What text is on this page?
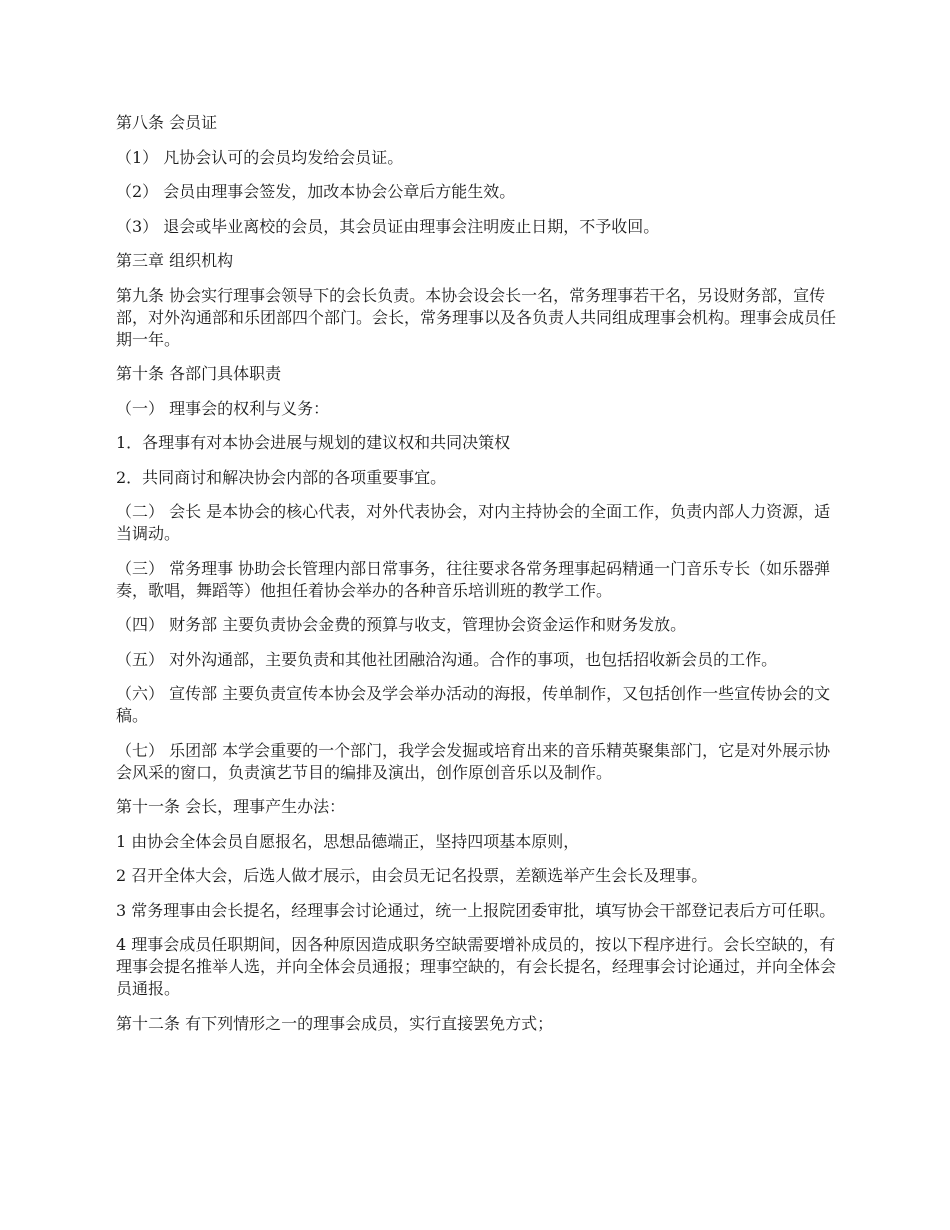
第八条 会员证

（1） 凡协会认可的会员均发给会员证。

（2） 会员由理事会签发，加改本协会公章后方能生效。

（3） 退会或毕业离校的会员，其会员证由理事会注明废止日期，不予收回。

第三章 组织机构

第九条 协会实行理事会领导下的会长负责。本协会设会长一名，常务理事若干名，另设财务部，宣传部，对外沟通部和乐团部四个部门。会长，常务理事以及各负责人共同组成理事会机构。理事会成员任期一年。

第十条 各部门具体职责

（一） 理事会的权利与义务：

1．各理事有对本协会进展与规划的建议权和共同决策权

2．共同商讨和解决协会内部的各项重要事宜。

（二） 会长 是本协会的核心代表，对外代表协会，对内主持协会的全面工作，负责内部人力资源，适当调动。

（三） 常务理事 协助会长管理内部日常事务，往往要求各常务理事起码精通一门音乐专长（如乐器弹奏，歌唱，舞蹈等）他担任着协会举办的各种音乐培训班的教学工作。

（四） 财务部 主要负责协会金费的预算与收支，管理协会资金运作和财务发放。

（五） 对外沟通部，主要负责和其他社团融洽沟通。合作的事项，也包括招收新会员的工作。

（六） 宣传部 主要负责宣传本协会及学会举办活动的海报，传单制作，又包括创作一些宣传协会的文稿。

（七） 乐团部 本学会重要的一个部门，我学会发掘或培育出来的音乐精英聚集部门，它是对外展示协会风采的窗口，负责演艺节目的编排及演出，创作原创音乐以及制作。

第十一条 会长，理事产生办法：

1 由协会全体会员自愿报名，思想品德端正，坚持四项基本原则，

2 召开全体大会，后选人做才展示，由会员无记名投票，差额选举产生会长及理事。

3 常务理事由会长提名，经理事会讨论通过，统一上报院团委审批，填写协会干部登记表后方可任职。

4 理事会成员任职期间，因各种原因造成职务空缺需要增补成员的，按以下程序进行。会长空缺的，有理事会提名推举人选，并向全体会员通报；理事空缺的，有会长提名，经理事会讨论通过，并向全体会员通报。

第十二条 有下列情形之一的理事会成员，实行直接罢免方式；
